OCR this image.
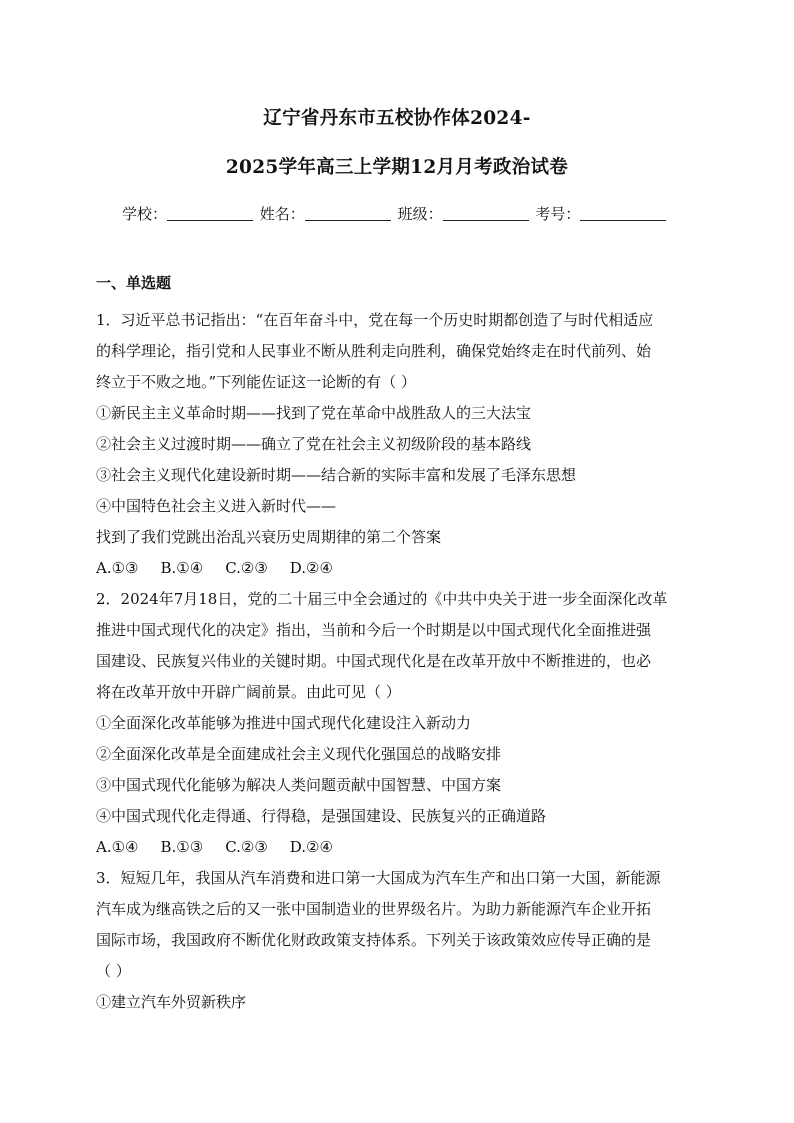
辽宁省丹东市五校协作体2024-
2025学年高三上学期12月月考政治试卷
学校：	姓名：	班级：	考号：
一、单选题
1．习近平总书记指出：“在百年奋斗中，党在每一个历史时期都创造了与时代相适应
的科学理论，指引党和人民事业不断从胜利走向胜利，确保党始终走在时代前列、始
终立于不败之地。”下列能佐证这一论断的有（ ）
①新民主主义革命时期——找到了党在革命中战胜敌人的三大法宝
②社会主义过渡时期——确立了党在社会主义初级阶段的基本路线
③社会主义现代化建设新时期——结合新的实际丰富和发展了毛泽东思想
④中国特色社会主义进入新时代——
找到了我们党跳出治乱兴衰历史周期律的第二个答案
A.①③ B.①④ C.②③ D.②④
2．2024年7月18日，党的二十届三中全会通过的《中共中央关于进一步全面深化改革
推进中国式现代化的决定》指出，当前和今后一个时期是以中国式现代化全面推进强
国建设、民族复兴伟业的关键时期。中国式现代化是在改革开放中不断推进的，也必
将在改革开放中开辟广阔前景。由此可见（ ）
①全面深化改革能够为推进中国式现代化建设注入新动力
②全面深化改革是全面建成社会主义现代化强国总的战略安排
③中国式现代化能够为解决人类问题贡献中国智慧、中国方案
④中国式现代化走得通、行得稳，是强国建设、民族复兴的正确道路
A.①④ B.①③ C.②③ D.②④
3．短短几年，我国从汽车消费和进口第一大国成为汽车生产和出口第一大国，新能源
汽车成为继高铁之后的又一张中国制造业的世界级名片。为助力新能源汽车企业开拓
国际市场，我国政府不断优化财政政策支持体系。下列关于该政策效应传导正确的是
（ ）
①建立汽车外贸新秩序
